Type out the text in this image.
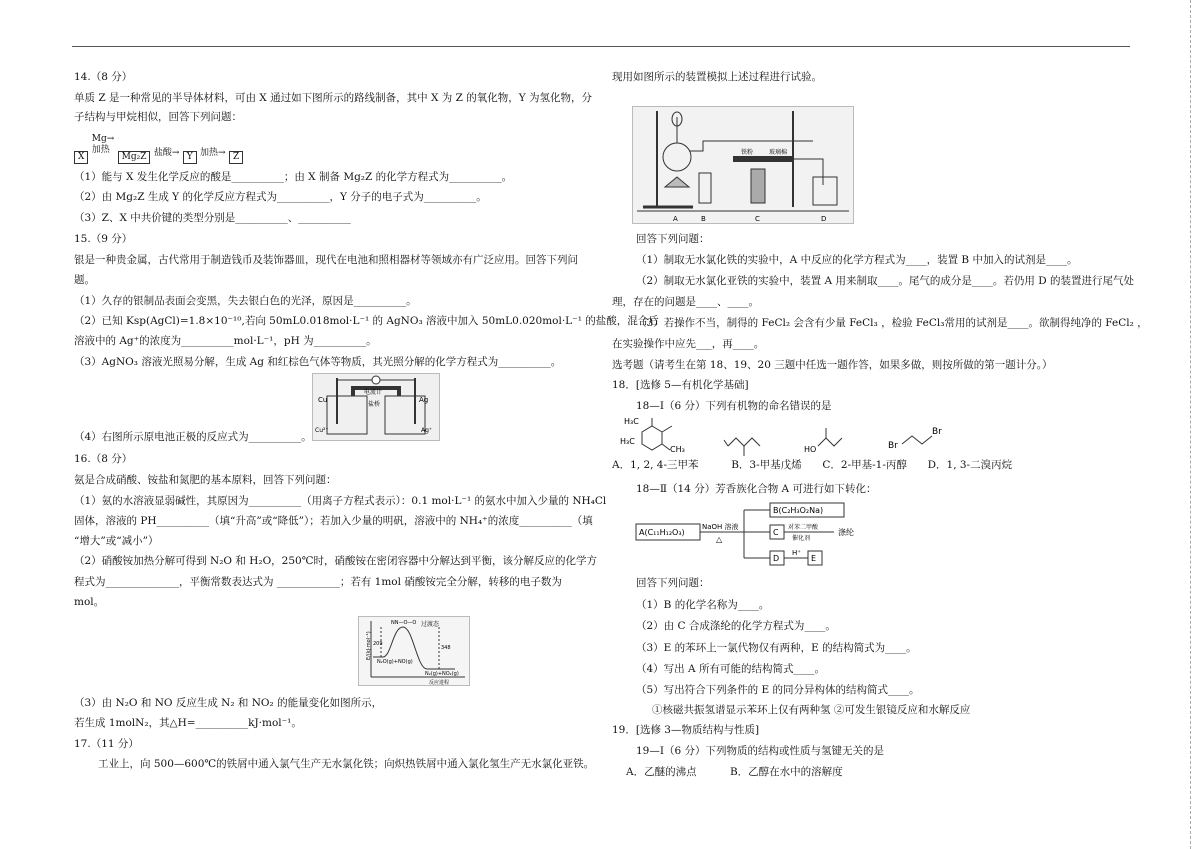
14.（8 分）
单质 Z 是一种常见的半导体材料，可由 X 通过如下图所示的路线制备，其中 X 为 Z 的氧化物，Y 为氢化物，分
子结构与甲烷相似，回答下列问题：
X Mg→
加热 Mg₂Z 盐酸→ Y 加热→ Z
（1）能与 X 发生化学反应的酸是__________；由 X 制备 Mg₂Z 的化学方程式为__________。
（2）由 Mg₂Z 生成 Y 的化学反应方程式为__________，Y 分子的电子式为__________。
（3）Z、X 中共价键的类型分别是__________、__________
15.（9 分）
银是一种贵金属，古代常用于制造钱币及装饰器皿，现代在电池和照相器材等领域亦有广泛应用。回答下列问
题。
（1）久存的银制品表面会变黑，失去银白色的光泽，原因是__________。
（2）已知 Ksp(AgCl)=1.8×10⁻¹⁰,若向 50mL0.018mol·L⁻¹ 的 AgNO₃ 溶液中加入 50mL0.020mol·L⁻¹ 的盐酸，混合后
溶液中的 Ag⁺的浓度为__________mol·L⁻¹，pH 为__________。
（3）AgNO₃ 溶液光照易分解，生成 Ag 和红棕色气体等物质，其光照分解的化学方程式为__________。
Cu	Ag
电流计
盐桥
Cu²⁺	Ag⁺
（4）右图所示原电池正极的反应式为__________。
16.（8 分）
氨是合成硝酸、铵盐和氮肥的基本原料，回答下列问题：
（1）氨的水溶液显弱碱性，其原因为__________（用离子方程式表示）：0.1 mol·L⁻¹ 的氨水中加入少量的 NH₄Cl
固体，溶液的 PH__________（填“升高”或“降低”）；若加入少量的明矾，溶液中的 NH₄⁺的浓度__________（填
“增大”或“减小”）
（2）硝酸铵加热分解可得到 N₂O 和 H₂O，250℃时，硝酸铵在密闭容器中分解达到平衡，该分解反应的化学方
程式为______________，平衡常数表达式为 ____________；若有 1mol 硝酸铵完全分解，转移的电子数为
mol。
E/(kJ·mol⁻¹)
NN—O—O 过渡态
209
348
N₂O(g)+NO(g)
N₂(g)+NO₂(g)
反应进程
（3）由 N₂O 和 NO 反应生成 N₂ 和 NO₂ 的能量变化如图所示，
若生成 1molN₂，其△H=__________kJ·mol⁻¹。
17.（11 分）
工业上，向 500—600℃的铁屑中通入氯气生产无水氯化铁；向炽热铁屑中通入氯化氢生产无水氯化亚铁。
现用如图所示的装置模拟上述过程进行试验。
A	B	C	D
铁粉	玻璃棉
回答下列问题：
（1）制取无水氯化铁的实验中，A 中反应的化学方程式为____，装置 B 中加入的试剂是____。
（2）制取无水氯化亚铁的实验中，装置 A 用来制取____。尾气的成分是____。若仍用 D 的装置进行尾气处
理，存在的问题是____、____。
（3）若操作不当，制得的 FeCl₂ 会含有少量 FeCl₃ ，检验 FeCl₃常用的试剂是____。欲制得纯净的 FeCl₂ ，
在实验操作中应先___，再____。
选考题（请考生在第 18、19、20 三题中任选一题作答，如果多做，则按所做的第一题计分。）
18．[选修 5—有机化学基础]
18—Ⅰ（6 分）下列有机物的命名错误的是
H₃C
H₃C
CH₃	HO	Br
Br
A．1, 2, 4-三甲苯	B．3-甲基戊烯 C．2-甲基-1-丙醇 D．1, 3-二溴丙烷
18—Ⅱ（14 分）芳香族化合物 A 可进行如下转化：
A(C₁₁H₁₂O₃)
NaOH 溶液
△
B(C₂H₃O₂Na)
C
对苯二甲酸
催化剂
涤纶
D
H⁺
E
回答下列问题：
（1）B 的化学名称为____。
（2）由 C 合成涤纶的化学方程式为____。
（3）E 的苯环上一氯代物仅有两种，E 的结构简式为____。
（4）写出 A 所有可能的结构简式____。
（5）写出符合下列条件的 E 的同分异构体的结构简式____。
①核磁共振氢谱显示苯环上仅有两种氢 ②可发生银镜反应和水解反应
19．[选修 3—物质结构与性质]
19—Ⅰ（6 分）下列物质的结构或性质与氢键无关的是
A．乙醚的沸点          B．乙醇在水中的溶解度
